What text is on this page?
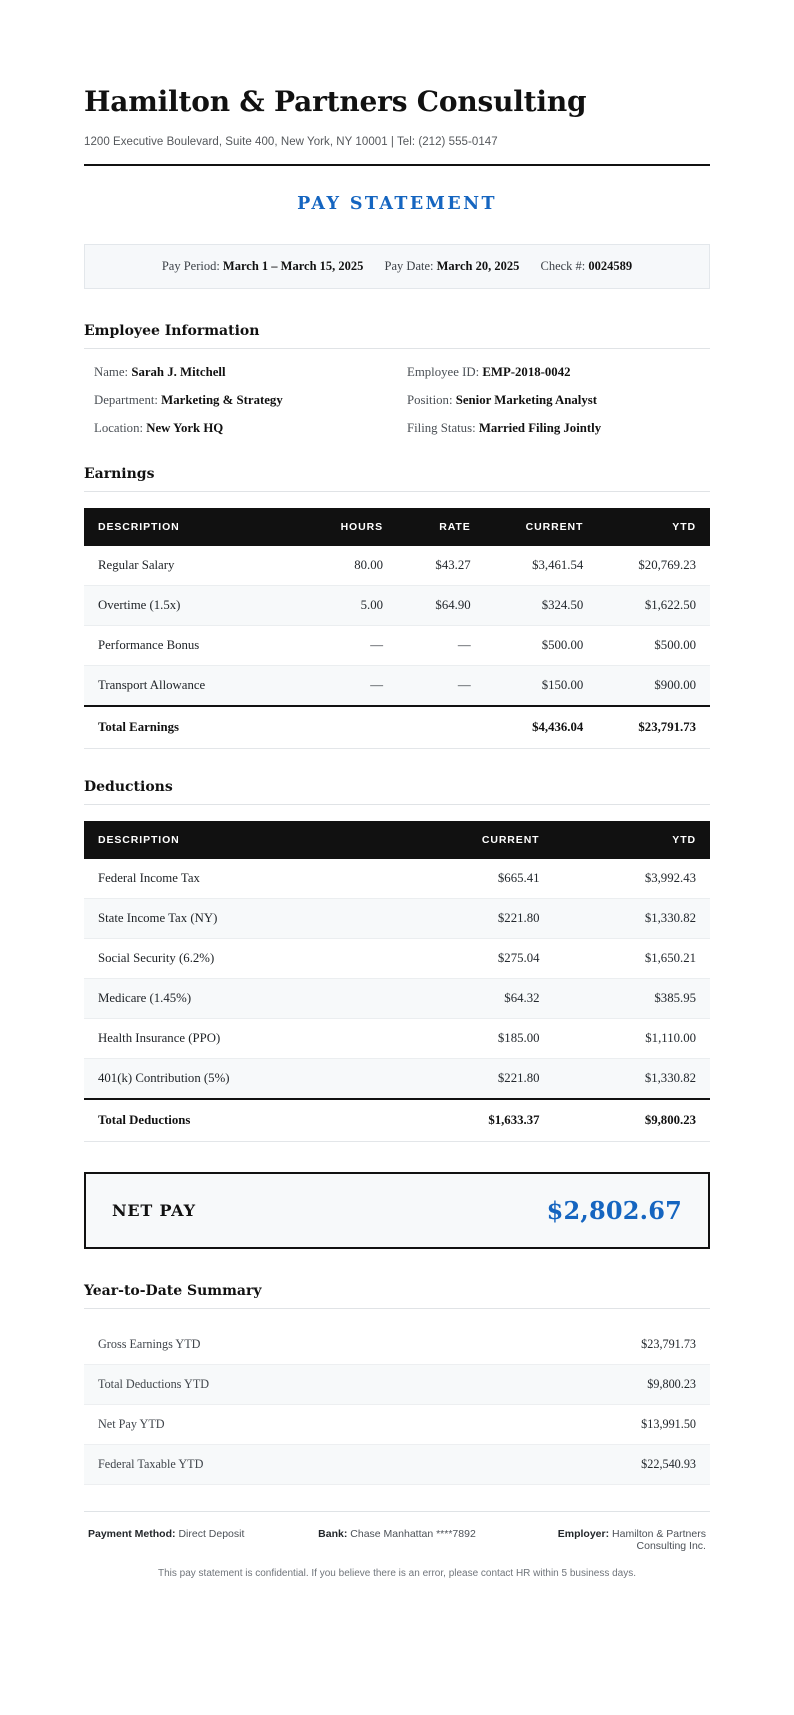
Hamilton & Partners Consulting
1200 Executive Boulevard, Suite 400, New York, NY 10001 | Tel: (212) 555-0147
PAY STATEMENT
Pay Period: March 1 – March 15, 2025 Pay Date: March 20, 2025 Check #: 0024589
Employee Information
Name: Sarah J. Mitchell	Employee ID: EMP-2018-0042
Department: Marketing & Strategy	Position: Senior Marketing Analyst
Location: New York HQ	Filing Status: Married Filing Jointly
Earnings
DESCRIPTION	HOURS	RATE	CURRENT	YTD
Regular Salary	80.00	$43.27	$3,461.54	$20,769.23
Overtime (1.5x)	5.00	$64.90	$324.50	$1,622.50
Performance Bonus	—	—	$500.00	$500.00
Transport Allowance	—	—	$150.00	$900.00
Total Earnings			$4,436.04	$23,791.73
Deductions
DESCRIPTION	CURRENT	YTD
Federal Income Tax	$665.41	$3,992.43
State Income Tax (NY)	$221.80	$1,330.82
Social Security (6.2%)	$275.04	$1,650.21
Medicare (1.45%)	$64.32	$385.95
Health Insurance (PPO)	$185.00	$1,110.00
401(k) Contribution (5%)	$221.80	$1,330.82
Total Deductions	$1,633.37	$9,800.23
NET PAY	$2,802.67
Year-to-Date Summary
Gross Earnings YTD	$23,791.73
Total Deductions YTD	$9,800.23
Net Pay YTD	$13,991.50
Federal Taxable YTD	$22,540.93
Payment Method: Direct Deposit	Bank: Chase Manhattan ****7892	Employer: Hamilton & Partners Consulting Inc.
This pay statement is confidential. If you believe there is an error, please contact HR within 5 business days.
